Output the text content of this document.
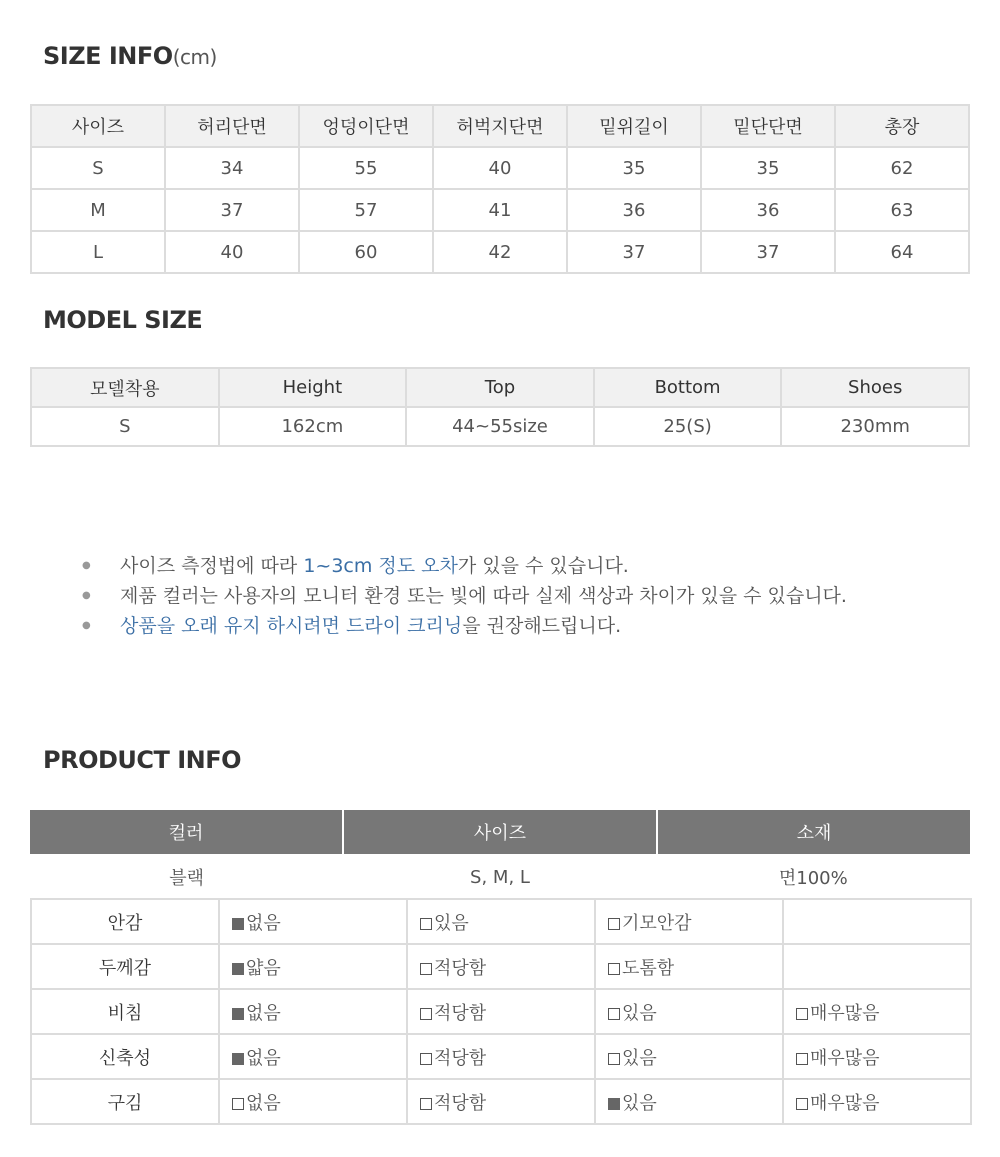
SIZE INFO(cm)
사이즈	허리단면	엉덩이단면	허벅지단면	밑위길이	밑단단면	총장
S	34	55	40	35	35	62
M	37	57	41	36	36	63
L	40	60	42	37	37	64
MODEL SIZE
모델착용	Height	Top	Bottom	Shoes
S	162cm	44~55size	25(S)	230mm
●	사이즈 측정법에 따라 1~3cm 정도 오차 가 있을 수 있습니다.
●	제품 컬러는 사용자의 모니터 환경 또는 빛에 따라 실제 색상과 차이가 있을 수 있습니다.
●	상품을 오래 유지 하시려면 드라이 크리닝 을 권장해드립니다.
PRODUCT INFO
컬러	사이즈	소재
블랙	S, M, L	면100%
안감	없음	있음	기모안감	
두께감	얇음	적당함	도톰함	
비침	없음	적당함	있음	매우많음
신축성	없음	적당함	있음	매우많음
구김	없음	적당함	있음	매우많음
